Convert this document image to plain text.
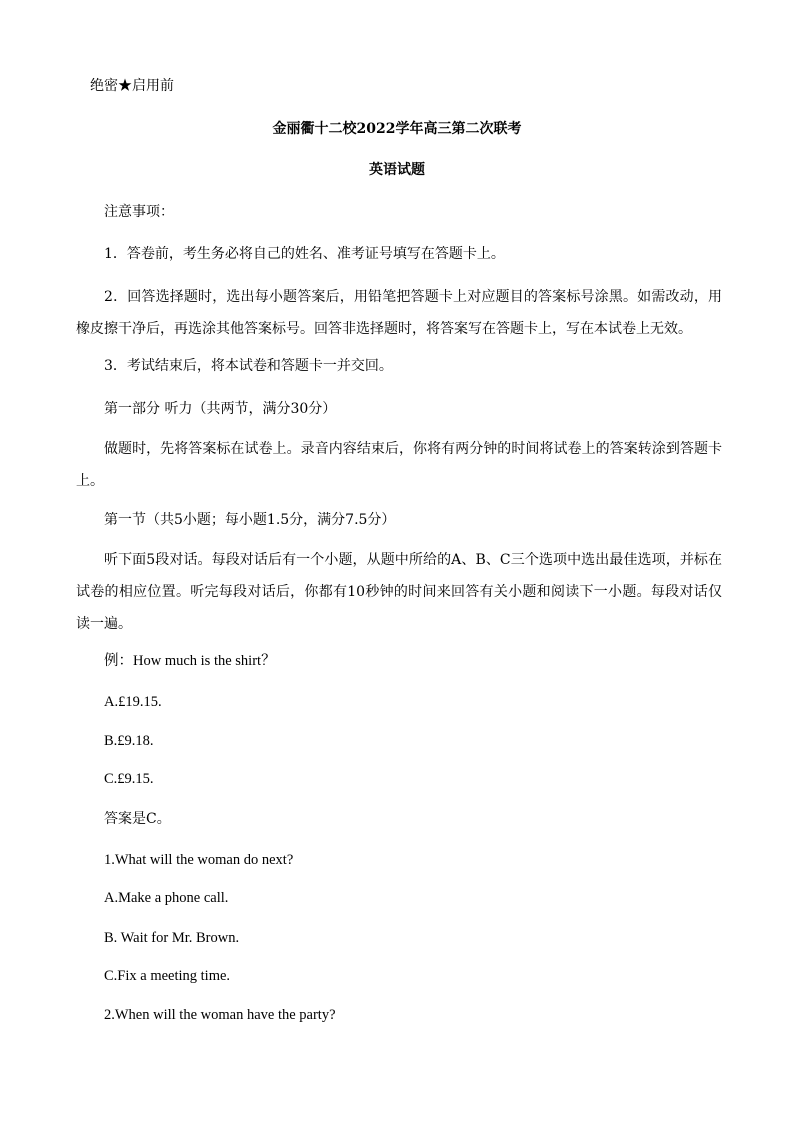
绝密★启用前
金丽衢十二校2022学年高三第二次联考
英语试题
注意事项：
1．答卷前，考生务必将自己的姓名、准考证号填写在答题卡上。
2．回答选择题时，选出每小题答案后，用铅笔把答题卡上对应题目的答案标号涂黑。如需改动，用橡皮擦干净后，再选涂其他答案标号。回答非选择题时，将答案写在答题卡上，写在本试卷上无效。
3．考试结束后，将本试卷和答题卡一并交回。
第一部分 听力（共两节，满分30分）
做题时，先将答案标在试卷上。录音内容结束后，你将有两分钟的时间将试卷上的答案转涂到答题卡上。
第一节（共5小题；每小题1.5分，满分7.5分）
听下面5段对话。每段对话后有一个小题，从题中所给的A、B、C三个选项中选出最佳选项，并标在试卷的相应位置。听完每段对话后，你都有10秒钟的时间来回答有关小题和阅读下一小题。每段对话仅读一遍。
例：How much is the shirt？
A.£19.15.
B.£9.18.
C.£9.15.
答案是C。
1.What will the woman do next?
A.Make a phone call.
B. Wait for Mr. Brown.
C.Fix a meeting time.
2.When will the woman have the party?
